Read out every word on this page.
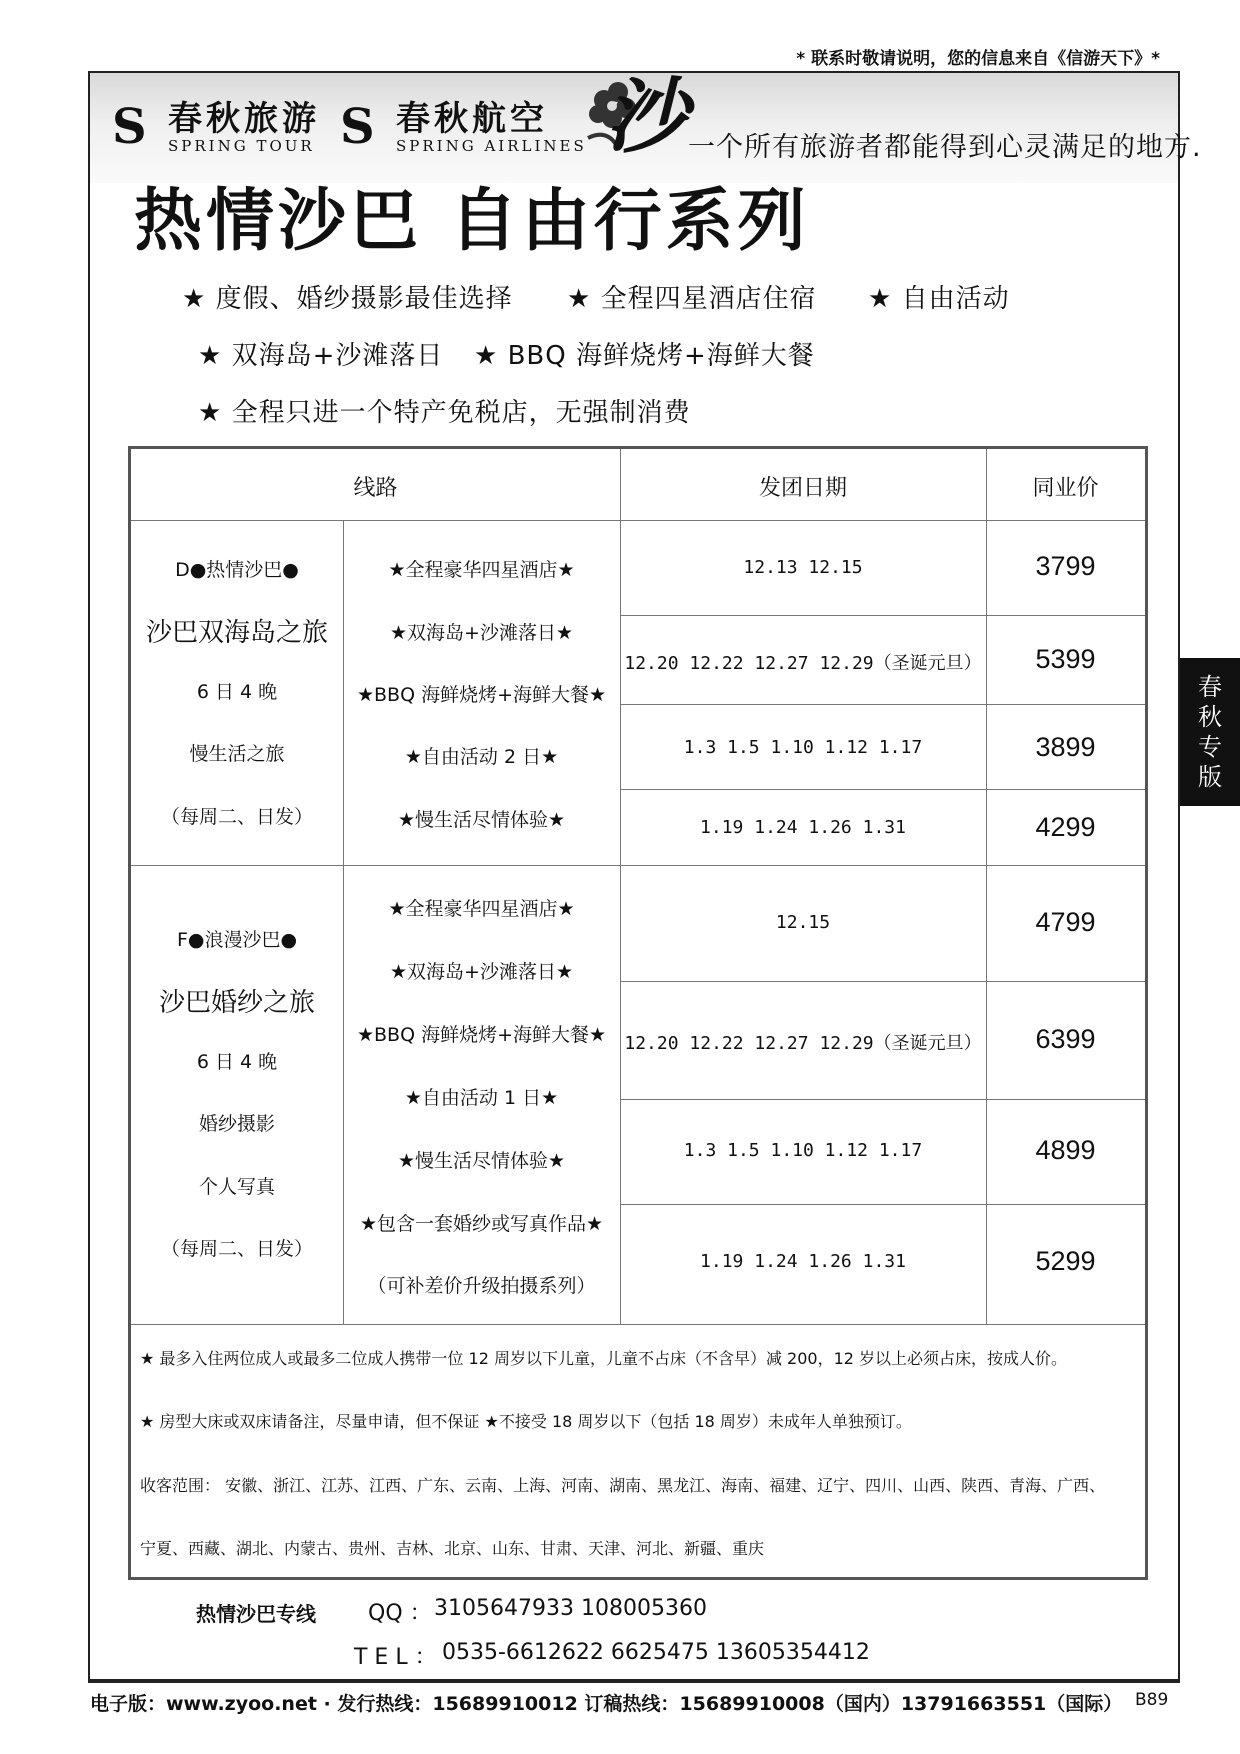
* 联系时敬请说明，您的信息来自《信游天下》*
S 春秋旅游
SPRING TOUR S 春秋航空
SPRING AIRLINES 沙 一个所有旅游者都能得到心灵满足的地方.
热情沙巴 自由行系列
★ 度假、婚纱摄影最佳选择 ★ 全程四星酒店住宿 ★ 自由活动
★ 双海岛+沙滩落日 ★ BBQ 海鲜烧烤+海鲜大餐
★ 全程只进一个特产免税店，无强制消费
线路	发团日期	同业价
D●热情沙巴●
沙巴双海岛之旅
6 日 4 晚
慢生活之旅
（每周二、日发）
★全程豪华四星酒店★
★双海岛+沙滩落日★
★BBQ 海鲜烧烤+海鲜大餐★
★自由活动 2 日★
★慢生活尽情体验★
12.13 12.15	3799
12.20 12.22 12.27 12.29（圣诞元旦）	5399
1.3 1.5 1.10 1.12 1.17	3899
1.19 1.24 1.26 1.31	4299
F●浪漫沙巴●
沙巴婚纱之旅
6 日 4 晚
婚纱摄影
个人写真
（每周二、日发）
★全程豪华四星酒店★
★双海岛+沙滩落日★
★BBQ 海鲜烧烤+海鲜大餐★
★自由活动 1 日★
★慢生活尽情体验★
★包含一套婚纱或写真作品★
（可补差价升级拍摄系列）
12.15	4799
12.20 12.22 12.27 12.29（圣诞元旦）	6399
1.3 1.5 1.10 1.12 1.17	4899
1.19 1.24 1.26 1.31	5299
★ 最多入住两位成人或最多二位成人携带一位 12 周岁以下儿童，儿童不占床（不含早）减 200，12 岁以上必须占床，按成人价。
★ 房型大床或双床请备注，尽量申请，但不保证 ★不接受 18 周岁以下（包括 18 周岁）未成年人单独预订。
收客范围： 安徽、浙江、江苏、江西、广东、云南、上海、河南、湖南、黑龙江、海南、福建、辽宁、四川、山西、陕西、青海、广西、
宁夏、西藏、湖北、内蒙古、贵州、吉林、北京、山东、甘肃、天津、河北、新疆、重庆
春
秋
专
版
热情沙巴专线 QQ ： 3105647933 108005360
T E L ： 0535-6612622 6625475 13605354412
电子版：www.zyoo.net · 发行热线：15689910012 订稿热线：15689910008（国内）13791663551（国际） B89
